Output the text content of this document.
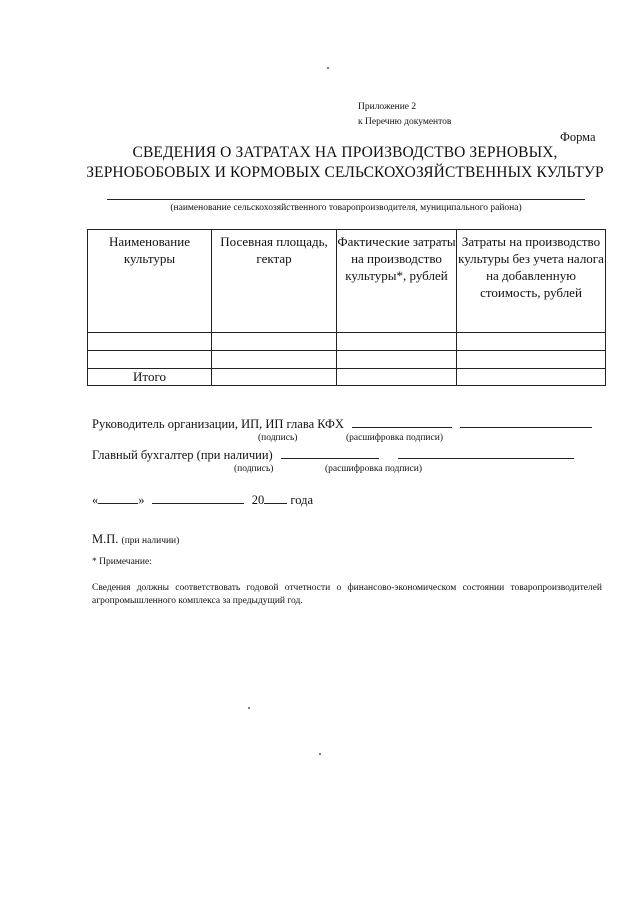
Приложение 2
к Перечню документов
Форма
СВЕДЕНИЯ О ЗАТРАТАХ НА ПРОИЗВОДСТВО ЗЕРНОВЫХ,
ЗЕРНОБОБОВЫХ И КОРМОВЫХ СЕЛЬСКОХОЗЯЙСТВЕННЫХ КУЛЬТУР
(наименование сельскохозяйственного товаропроизводителя, муниципального района)
Наименование культуры	Посевная площадь, гектар	Фактические затраты на производство культуры*, рублей	Затраты на производство культуры без учета налога на добавленную стоимость, рублей

Итого			
Руководитель организации, ИП, ИП глава КФХ
(подпись)	(расшифровка подписи)
Главный бухгалтер (при наличии)
(подпись)	(расшифровка подписи)
«	»	20 года
М.П. (при наличии)
* Примечание:
Сведения должны соответствовать годовой отчетности о финансово-экономическом состоянии товаропроизводителей агропромышленного комплекса за предыдущий год.
